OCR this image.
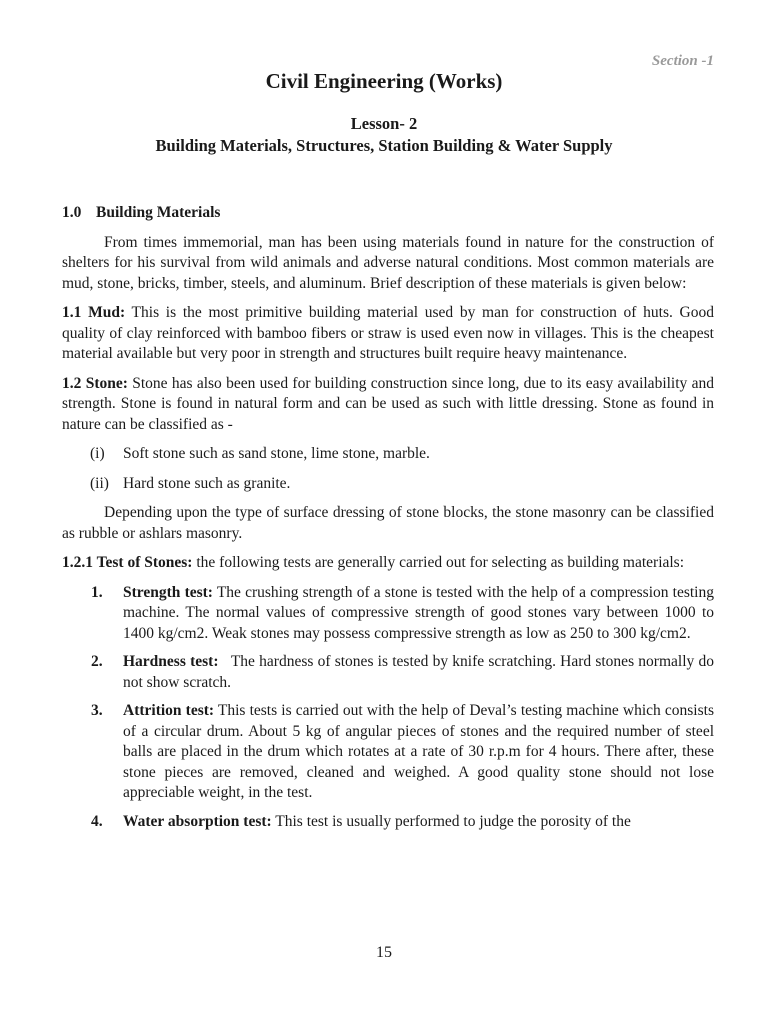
Section -1
Civil Engineering (Works)
Lesson- 2
Building Materials, Structures, Station Building & Water Supply

1.0 Building Materials

From times immemorial, man has been using materials found in nature for the construction of shelters for his survival from wild animals and adverse natural conditions. Most common materials are mud, stone, bricks, timber, steels, and aluminum. Brief description of these materials is given below:

1.1 Mud: This is the most primitive building material used by man for construction of huts. Good quality of clay reinforced with bamboo fibers or straw is used even now in villages. This is the cheapest material available but very poor in strength and structures built require heavy maintenance.

1.2 Stone: Stone has also been used for building construction since long, due to its easy availability and strength. Stone is found in natural form and can be used as such with little dressing. Stone as found in nature can be classified as -

(i)	Soft stone such as sand stone, lime stone, marble.
(ii) Hard stone such as granite.

Depending upon the type of surface dressing of stone blocks, the stone masonry can be classified as rubble or ashlars masonry.

1.2.1 Test of Stones: the following tests are generally carried out for selecting as building materials:

1.	Strength test: The crushing strength of a stone is tested with the help of a compression testing machine. The normal values of compressive strength of good stones vary between 1000 to 1400 kg/cm2. Weak stones may possess compressive strength as low as 250 to 300 kg/cm2.
2.	Hardness test:   The hardness of stones is tested by knife scratching. Hard stones normally do not show scratch.
3.	Attrition test: This tests is carried out with the help of Deval’s testing machine which consists of a circular drum. About 5 kg of angular pieces of stones and the required number of steel balls are placed in the drum which rotates at a rate of 30 r.p.m for 4 hours. There after, these stone pieces are removed, cleaned and weighed. A good quality stone should not lose appreciable weight, in the test.
4.	Water absorption test: This test is usually performed to judge the porosity of the
15
